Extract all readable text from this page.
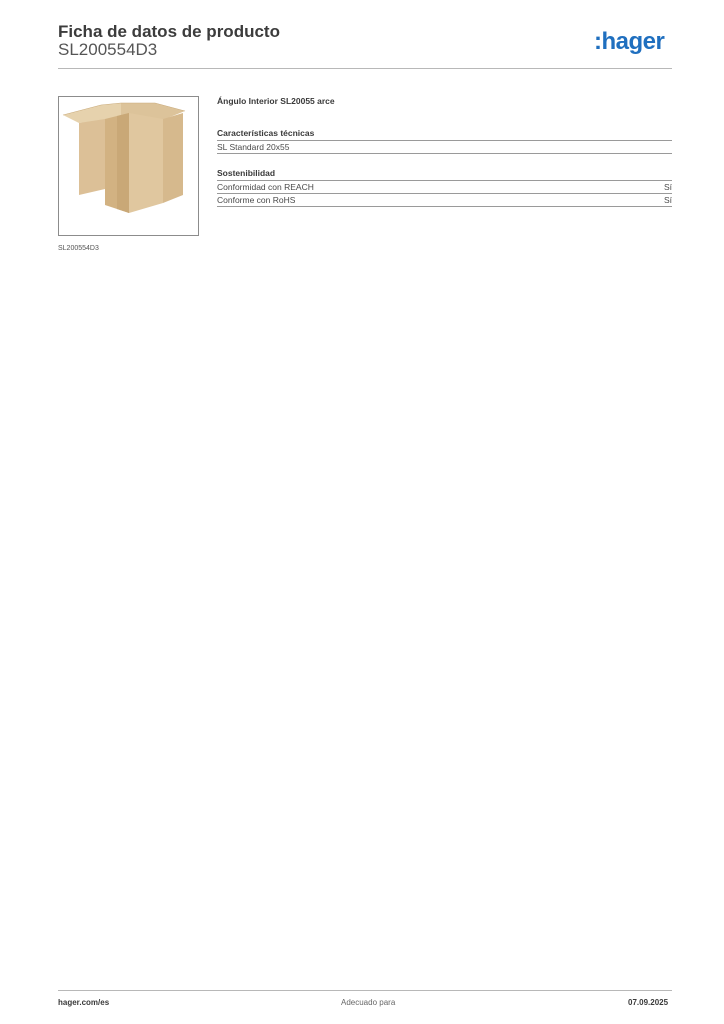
Ficha de datos de producto
SL200554D3	:hager
SL200554D3
Ángulo Interior SL20055 arce
Características técnicas
SL Standard 20x55
Sostenibilidad
Conformidad con REACH	Sí
Conforme con RoHS	Sí
hager.com/es	Adecuado para	07.09.2025
